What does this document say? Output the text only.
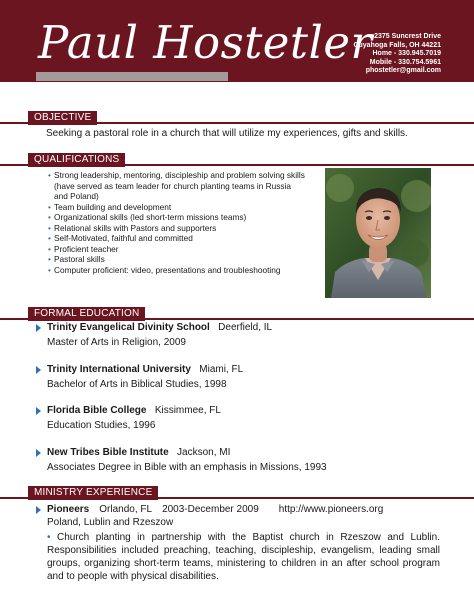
Paul Hostetler 2375 Suncrest Drive
Cuyahoga Falls, OH 44221
Home - 330.945.7019
Mobile - 330.754.5961
phostetler@gmail.com
OBJECTIVE
Seeking a pastoral role in a church that will utilize my experiences, gifts and skills.
QUALIFICATIONS
• Strong leadership, mentoring, discipleship and problem solving skills (have served as team leader for church planting teams in Russia and Poland)
• Team building and development
• Organizational skills (led short-term missions teams)
• Relational skills with Pastors and supporters
• Self-Motivated, faithful and committed
• Proficient teacher
• Pastoral skills
• Computer proficient: video, presentations and troubleshooting
FORMAL EDUCATION
Trinity Evangelical Divinity School Deerfield, IL
Master of Arts in Religion, 2009
Trinity International University Miami, FL
Bachelor of Arts in Biblical Studies, 1998
Florida Bible College Kissimmee, FL
Education Studies, 1996
New Tribes Bible Institute Jackson, MI
Associates Degree in Bible with an emphasis in Missions, 1993
MINISTRY EXPERIENCE
Pioneers Orlando, FL 2003-December 2009 http://www.pioneers.org
Poland, Lublin and Rzeszow
• Church planting in partnership with the Baptist church in Rzeszow and Lublin. Responsibilities included preaching, teaching, discipleship, evangelism, leading small groups, organizing short-term teams, ministering to children in an after school program and to people with physical disabilities.
